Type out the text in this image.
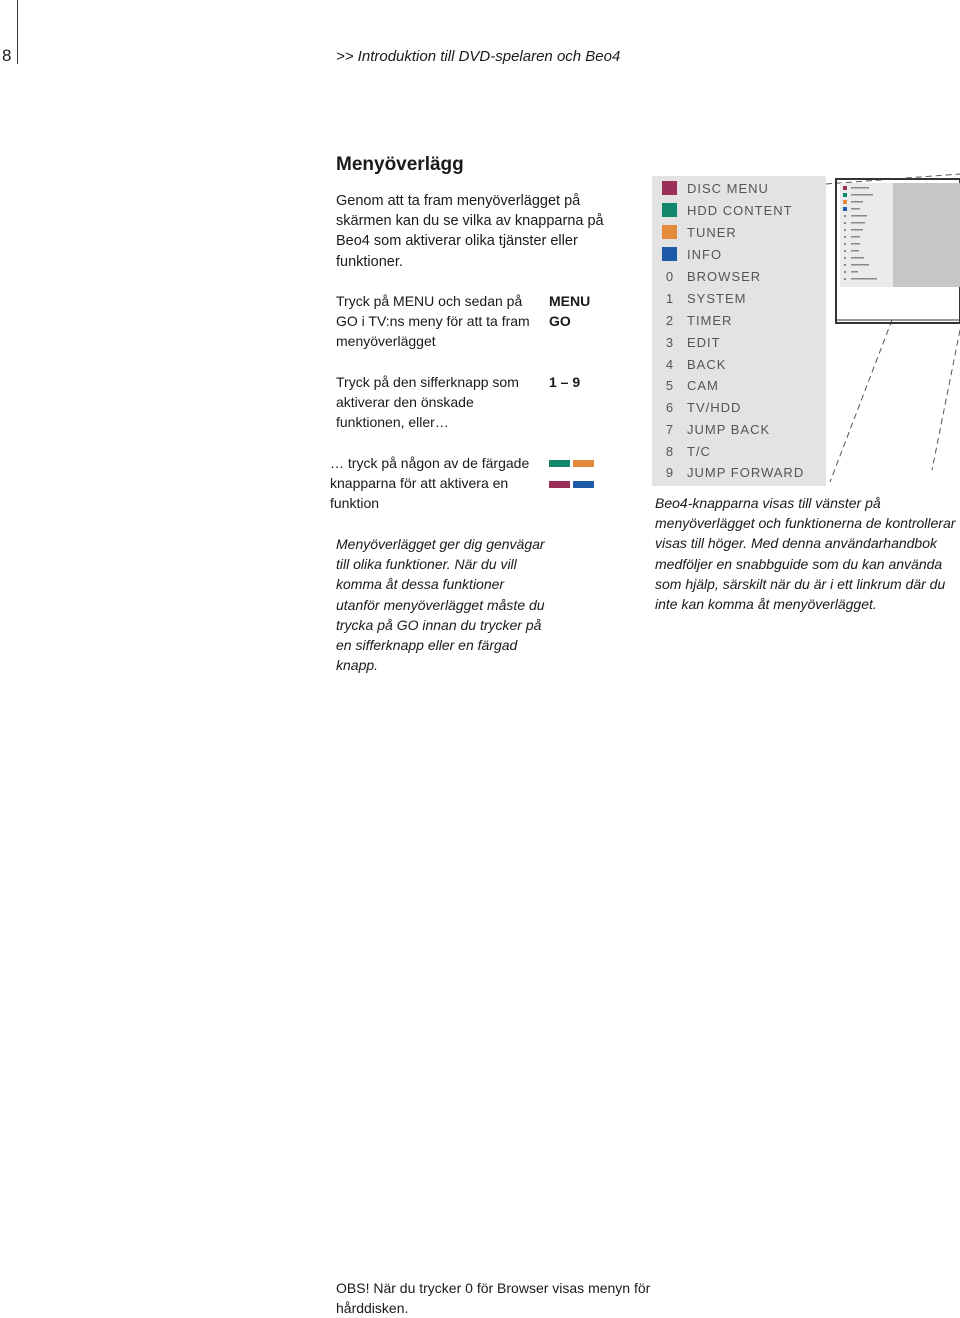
8	>> Introduktion till DVD-spelaren och Beo4
Menyöverlägg
Genom att ta fram menyöverlägget på skärmen kan du se vilka av knapparna på Beo4 som aktiverar olika tjänster eller funktioner.
Tryck på MENU och sedan på GO i TV:ns meny för att ta fram menyöverlägget
MENU
GO
Tryck på den sifferknapp som aktiverar den önskade funktionen, eller…
1 – 9
… tryck på någon av de färgade knapparna för att aktivera en funktion
Menyöverlägget ger dig genvägar till olika funktioner. När du vill komma åt dessa funktioner utanför menyöverlägget måste du trycka på GO innan du trycker på en sifferknapp eller en färgad knapp.
DISC MENU
HDD CONTENT
TUNER
INFO
0 BROWSER
1 SYSTEM
2 TIMER
3 EDIT
4 BACK
5 CAM
6 TV/HDD
7 JUMP BACK
8 T/C
9 JUMP FORWARD
Beo4-knapparna visas till vänster på menyöverlägget och funktionerna de kontrollerar visas till höger. Med denna användarhandbok medföljer en snabbguide som du kan använda som hjälp, särskilt när du är i ett linkrum där du inte kan komma åt menyöverlägget.
OBS! När du trycker 0 för Browser visas menyn för hårddisken.
